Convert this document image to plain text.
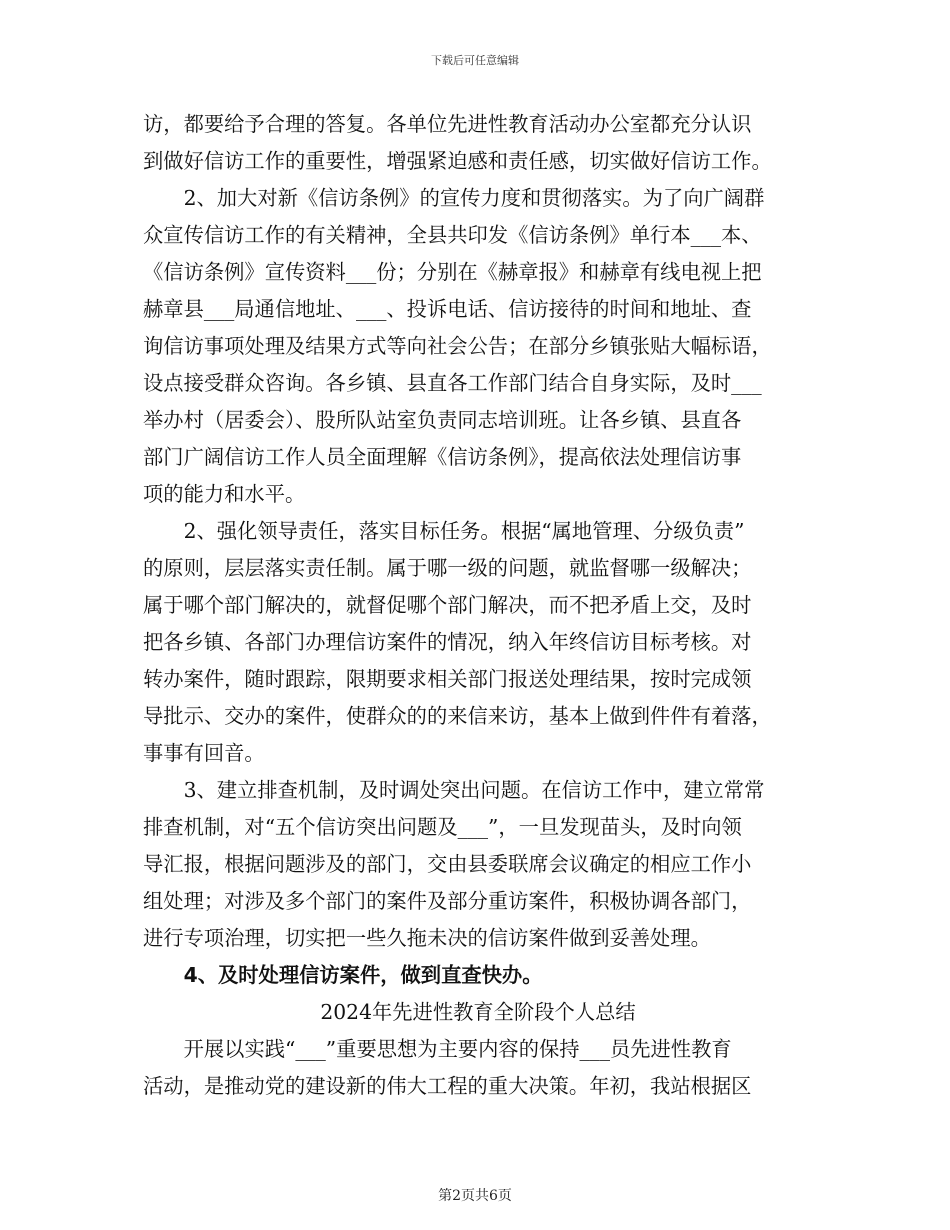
下载后可任意编辑
访，都要给予合理的答复。各单位先进性教育活动办公室都充分认识
到做好信访工作的重要性，增强紧迫感和责任感，切实做好信访工作。
2、加大对新《信访条例》的宣传力度和贯彻落实。为了向广阔群
众宣传信访工作的有关精神，全县共印发《信访条例》单行本___本、
《信访条例》宣传资料___份；分别在《赫章报》和赫章有线电视上把
赫章县___局通信地址、___、投诉电话、信访接待的时间和地址、查
询信访事项处理及结果方式等向社会公告；在部分乡镇张贴大幅标语，
设点接受群众咨询。各乡镇、县直各工作部门结合自身实际，及时___
举办村（居委会）、股所队站室负责同志培训班。让各乡镇、县直各
部门广阔信访工作人员全面理解《信访条例》，提高依法处理信访事
项的能力和水平。
2、强化领导责任，落实目标任务。根据“属地管理、分级负责”
的原则，层层落实责任制。属于哪一级的问题，就监督哪一级解决；
属于哪个部门解决的，就督促哪个部门解决，而不把矛盾上交，及时
把各乡镇、各部门办理信访案件的情况，纳入年终信访目标考核。对
转办案件，随时跟踪，限期要求相关部门报送处理结果，按时完成领
导批示、交办的案件，使群众的的来信来访，基本上做到件件有着落，
事事有回音。
3、建立排查机制，及时调处突出问题。在信访工作中，建立常常
排查机制，对“五个信访突出问题及___”，一旦发现苗头，及时向领
导汇报，根据问题涉及的部门，交由县委联席会议确定的相应工作小
组处理；对涉及多个部门的案件及部分重访案件，积极协调各部门，
进行专项治理，切实把一些久拖未决的信访案件做到妥善处理。
4、及时处理信访案件，做到直查快办。
2024年先进性教育全阶段个人总结
开展以实践“___”重要思想为主要内容的保持___员先进性教育
活动，是推动党的建设新的伟大工程的重大决策。年初，我站根据区
第2页共6页
